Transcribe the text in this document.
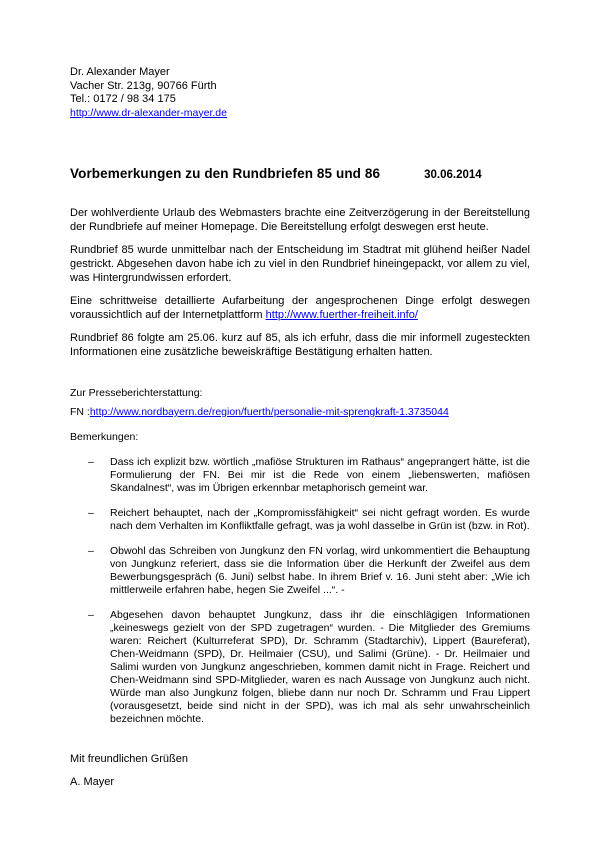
Dr. Alexander Mayer
Vacher Str. 213g, 90766 Fürth
Tel.: 0172 / 98 34 175
http://www.dr-alexander-mayer.de
Vorbemerkungen zu den Rundbriefen 85 und 86	30.06.2014

Der wohlverdiente Urlaub des Webmasters brachte eine Zeitverzögerung in der Bereitstellung der Rundbriefe auf meiner Homepage. Die Bereitstellung erfolgt deswegen erst heute.

Rundbrief 85 wurde unmittelbar nach der Entscheidung im Stadtrat mit glühend heißer Nadel gestrickt. Abgesehen davon habe ich zu viel in den Rundbrief hineingepackt, vor allem zu viel, was Hintergrundwissen erfordert.

Eine schrittweise detaillierte Aufarbeitung der angesprochenen Dinge erfolgt deswegen voraussichtlich auf der Internetplattform http://www.fuerther-freiheit.info/

Rundbrief 86 folgte am 25.06. kurz auf 85, als ich erfuhr, dass die mir informell zugesteckten Informationen eine zusätzliche beweiskräftige Bestätigung erhalten hatten.

Zur Presseberichterstattung:
FN :http://www.nordbayern.de/region/fuerth/personalie-mit-sprengkraft-1.3735044
Bemerkungen:
–	Dass ich explizit bzw. wörtlich „mafiöse Strukturen im Rathaus“ angeprangert hätte, ist die Formulierung der FN. Bei mir ist die Rede von einem „liebenswerten, mafiösen Skandalnest“, was im Übrigen erkennbar metaphorisch gemeint war.
–	Reichert behauptet, nach der „Kompromissfähigkeit“ sei nicht gefragt worden. Es wurde nach dem Verhalten im Konfliktfalle gefragt, was ja wohl dasselbe in Grün ist (bzw. in Rot).
–	Obwohl das Schreiben von Jungkunz den FN vorlag, wird unkommentiert die Behauptung von Jungkunz referiert, dass sie die Information über die Herkunft der Zweifel aus dem Bewerbungsgespräch (6. Juni) selbst habe. In ihrem Brief v. 16. Juni steht aber: „Wie ich mittlerweile erfahren habe, hegen Sie Zweifel ...“. -
–	Abgesehen davon behauptet Jungkunz, dass ihr die einschlägigen Informationen „keineswegs gezielt von der SPD zugetragen“ wurden. - Die Mitglieder des Gremiums waren: Reichert (Kulturreferat SPD), Dr. Schramm (Stadtarchiv), Lippert (Baureferat), Chen-Weidmann (SPD), Dr. Heilmaier (CSU), und Salimi (Grüne). - Dr. Heilmaier und Salimi wurden von Jungkunz angeschrieben, kommen damit nicht in Frage. Reichert und Chen-Weidmann sind SPD-Mitglieder, waren es nach Aussage von Jungkunz auch nicht. Würde man also Jungkunz folgen, bliebe dann nur noch Dr. Schramm und Frau Lippert (vorausgesetzt, beide sind nicht in der SPD), was ich mal als sehr unwahrscheinlich bezeichnen möchte.
Mit freundlichen Grüßen
A. Mayer
